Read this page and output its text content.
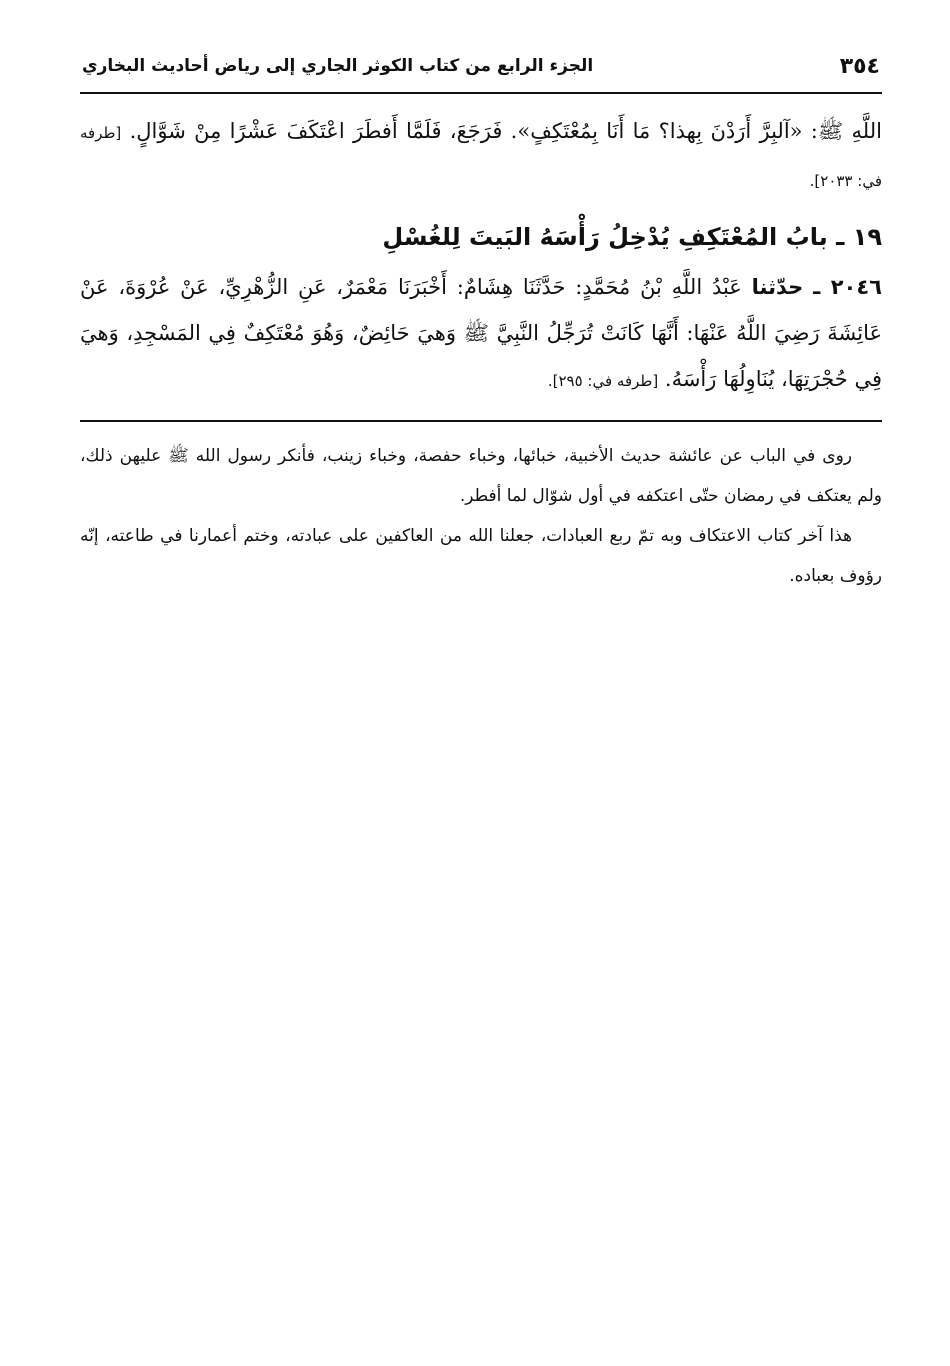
٣٥٤
الجزء الرابع من كتاب الكوثر الجاري إلى رياض أحاديث البخاري

اللَّهِ ﷺ: «آلبِرَّ أَرَدْنَ بِهذا؟ مَا أَنَا بِمُعْتَكِفٍ». فَرَجَعَ، فَلَمَّا أَفطَرَ اعْتَكَفَ عَشْرًا مِنْ شَوَّالٍ. [طرفه في: ٢٠٣٣].

١٩ ـ بابُ المُعْتَكِفِ يُدْخِلُ رَأْسَهُ البَيتَ لِلغُسْلِ

٢٠٤٦ ـ حدّثنا عَبْدُ اللَّهِ بْنُ مُحَمَّدٍ: حَدَّثَنَا هِشَامٌ: أَخْبَرَنَا مَعْمَرٌ، عَنِ الزُّهْرِيِّ، عَنْ عُرْوَةَ، عَنْ عَائِشَةَ رَضِيَ اللَّهُ عَنْهَا: أَنَّهَا كَانَتْ تُرَجِّلُ النَّبِيَّ ﷺ وَهيَ حَائِضٌ، وَهُوَ مُعْتَكِفٌ فِي المَسْجِدِ، وَهيَ فِي حُجْرَتِهَا، يُنَاوِلُهَا رَأْسَهُ. [طرفه في: ٢٩٥].

روى في الباب عن عائشة حديث الأخبية، خبائها، وخباء حفصة، وخباء زينب، فأنكر رسول الله ﷺ عليهن ذلك، ولم يعتكف في رمضان حتّى اعتكفه في أول شوّال لما أفطر.

هذا آخر كتاب الاعتكاف وبه تمّ ربع العبادات، جعلنا الله من العاكفين على عبادته، وختم أعمارنا في طاعته، إنّه رؤوف بعباده.
